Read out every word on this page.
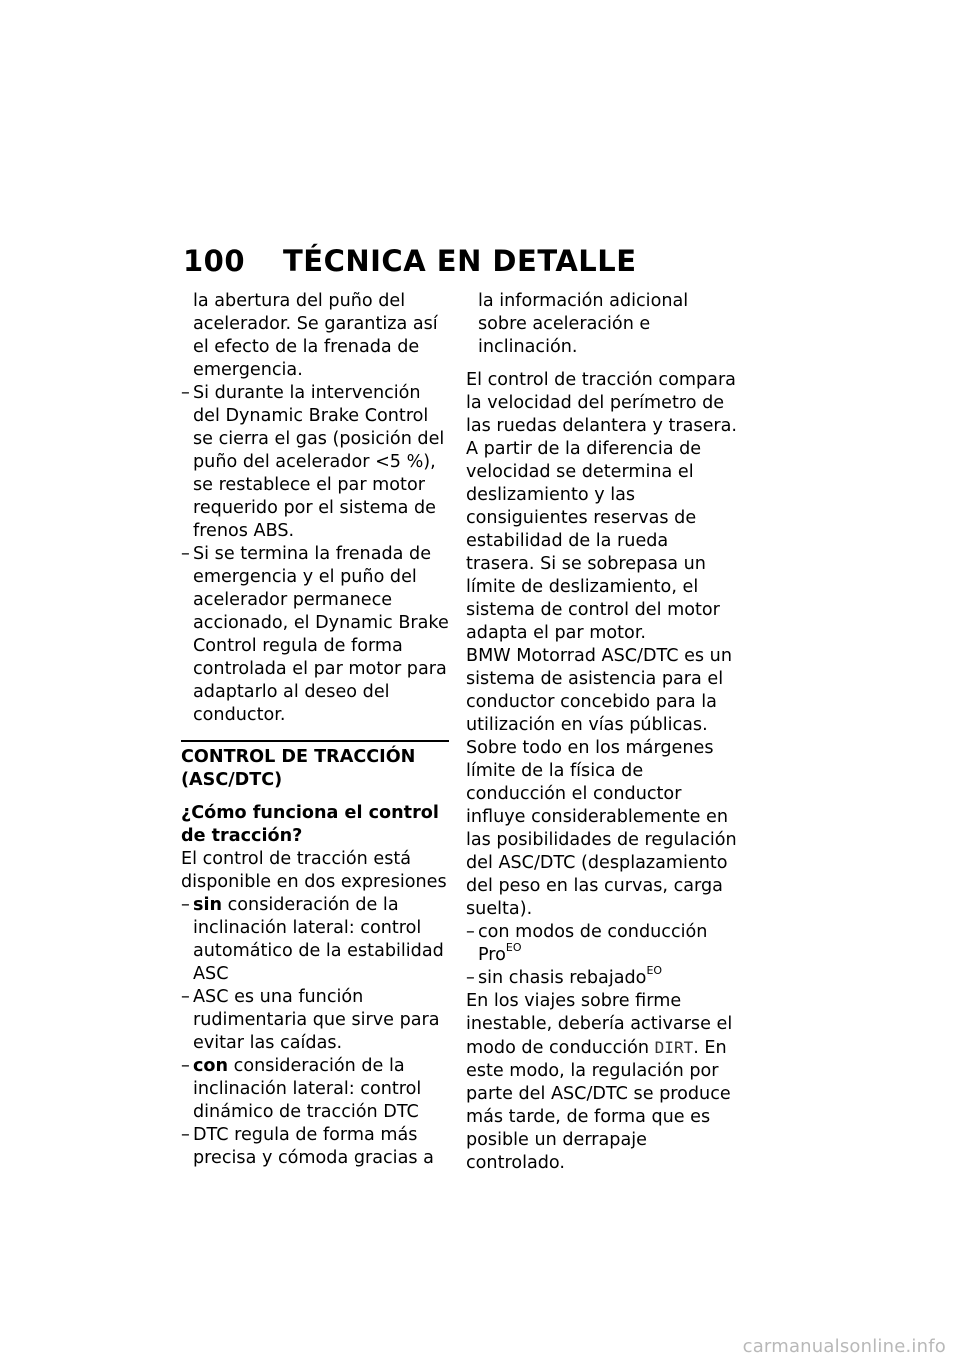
100 TÉCNICA EN DETALLE

la abertura del puño del acelerador. Se garantiza así el efecto de la frenada de emergencia.

– Si durante la intervención del Dynamic Brake Control se cierra el gas (posición del puño del acelerador <5 %), se restablece el par motor requerido por el sistema de frenos ABS.
– Si se termina la frenada de emergencia y el puño del acelerador permanece accionado, el Dynamic Brake Control regula de forma controlada el par motor para adaptarlo al deseo del conductor.
CONTROL DE TRACCIÓN (ASC/DTC)

¿Cómo funciona el control de tracción?

El control de tracción está disponible en dos expresiones

– sin consideración de la inclinación lateral: control automático de la estabilidad ASC
– ASC es una función rudimentaria que sirve para evitar las caídas.
– con consideración de la inclinación lateral: control dinámico de tracción DTC
– DTC regula de forma más precisa y cómoda gracias a

la información adicional sobre aceleración e inclinación.

El control de tracción compara la velocidad del perímetro de las ruedas delantera y trasera. A partir de la diferencia de velocidad se determina el deslizamiento y las consiguientes reservas de estabilidad de la rueda trasera. Si se sobrepasa un límite de deslizamiento, el sistema de control del motor adapta el par motor.

BMW Motorrad ASC/DTC es un sistema de asistencia para el conductor concebido para la utilización en vías públicas. Sobre todo en los márgenes límite de la física de conducción el conductor influye considerablemente en las posibilidades de regulación del ASC/DTC (desplazamiento del peso en las curvas, carga suelta).

– con modos de conducción Pro$^{EO}$
– sin chasis rebajado$^{EO}$

En los viajes sobre firme inestable, debería activarse el modo de conducción DIRT. En este modo, la regulación por parte del ASC/DTC se produce más tarde, de forma que es posible un derrapaje controlado.

carmanualsonline.info
